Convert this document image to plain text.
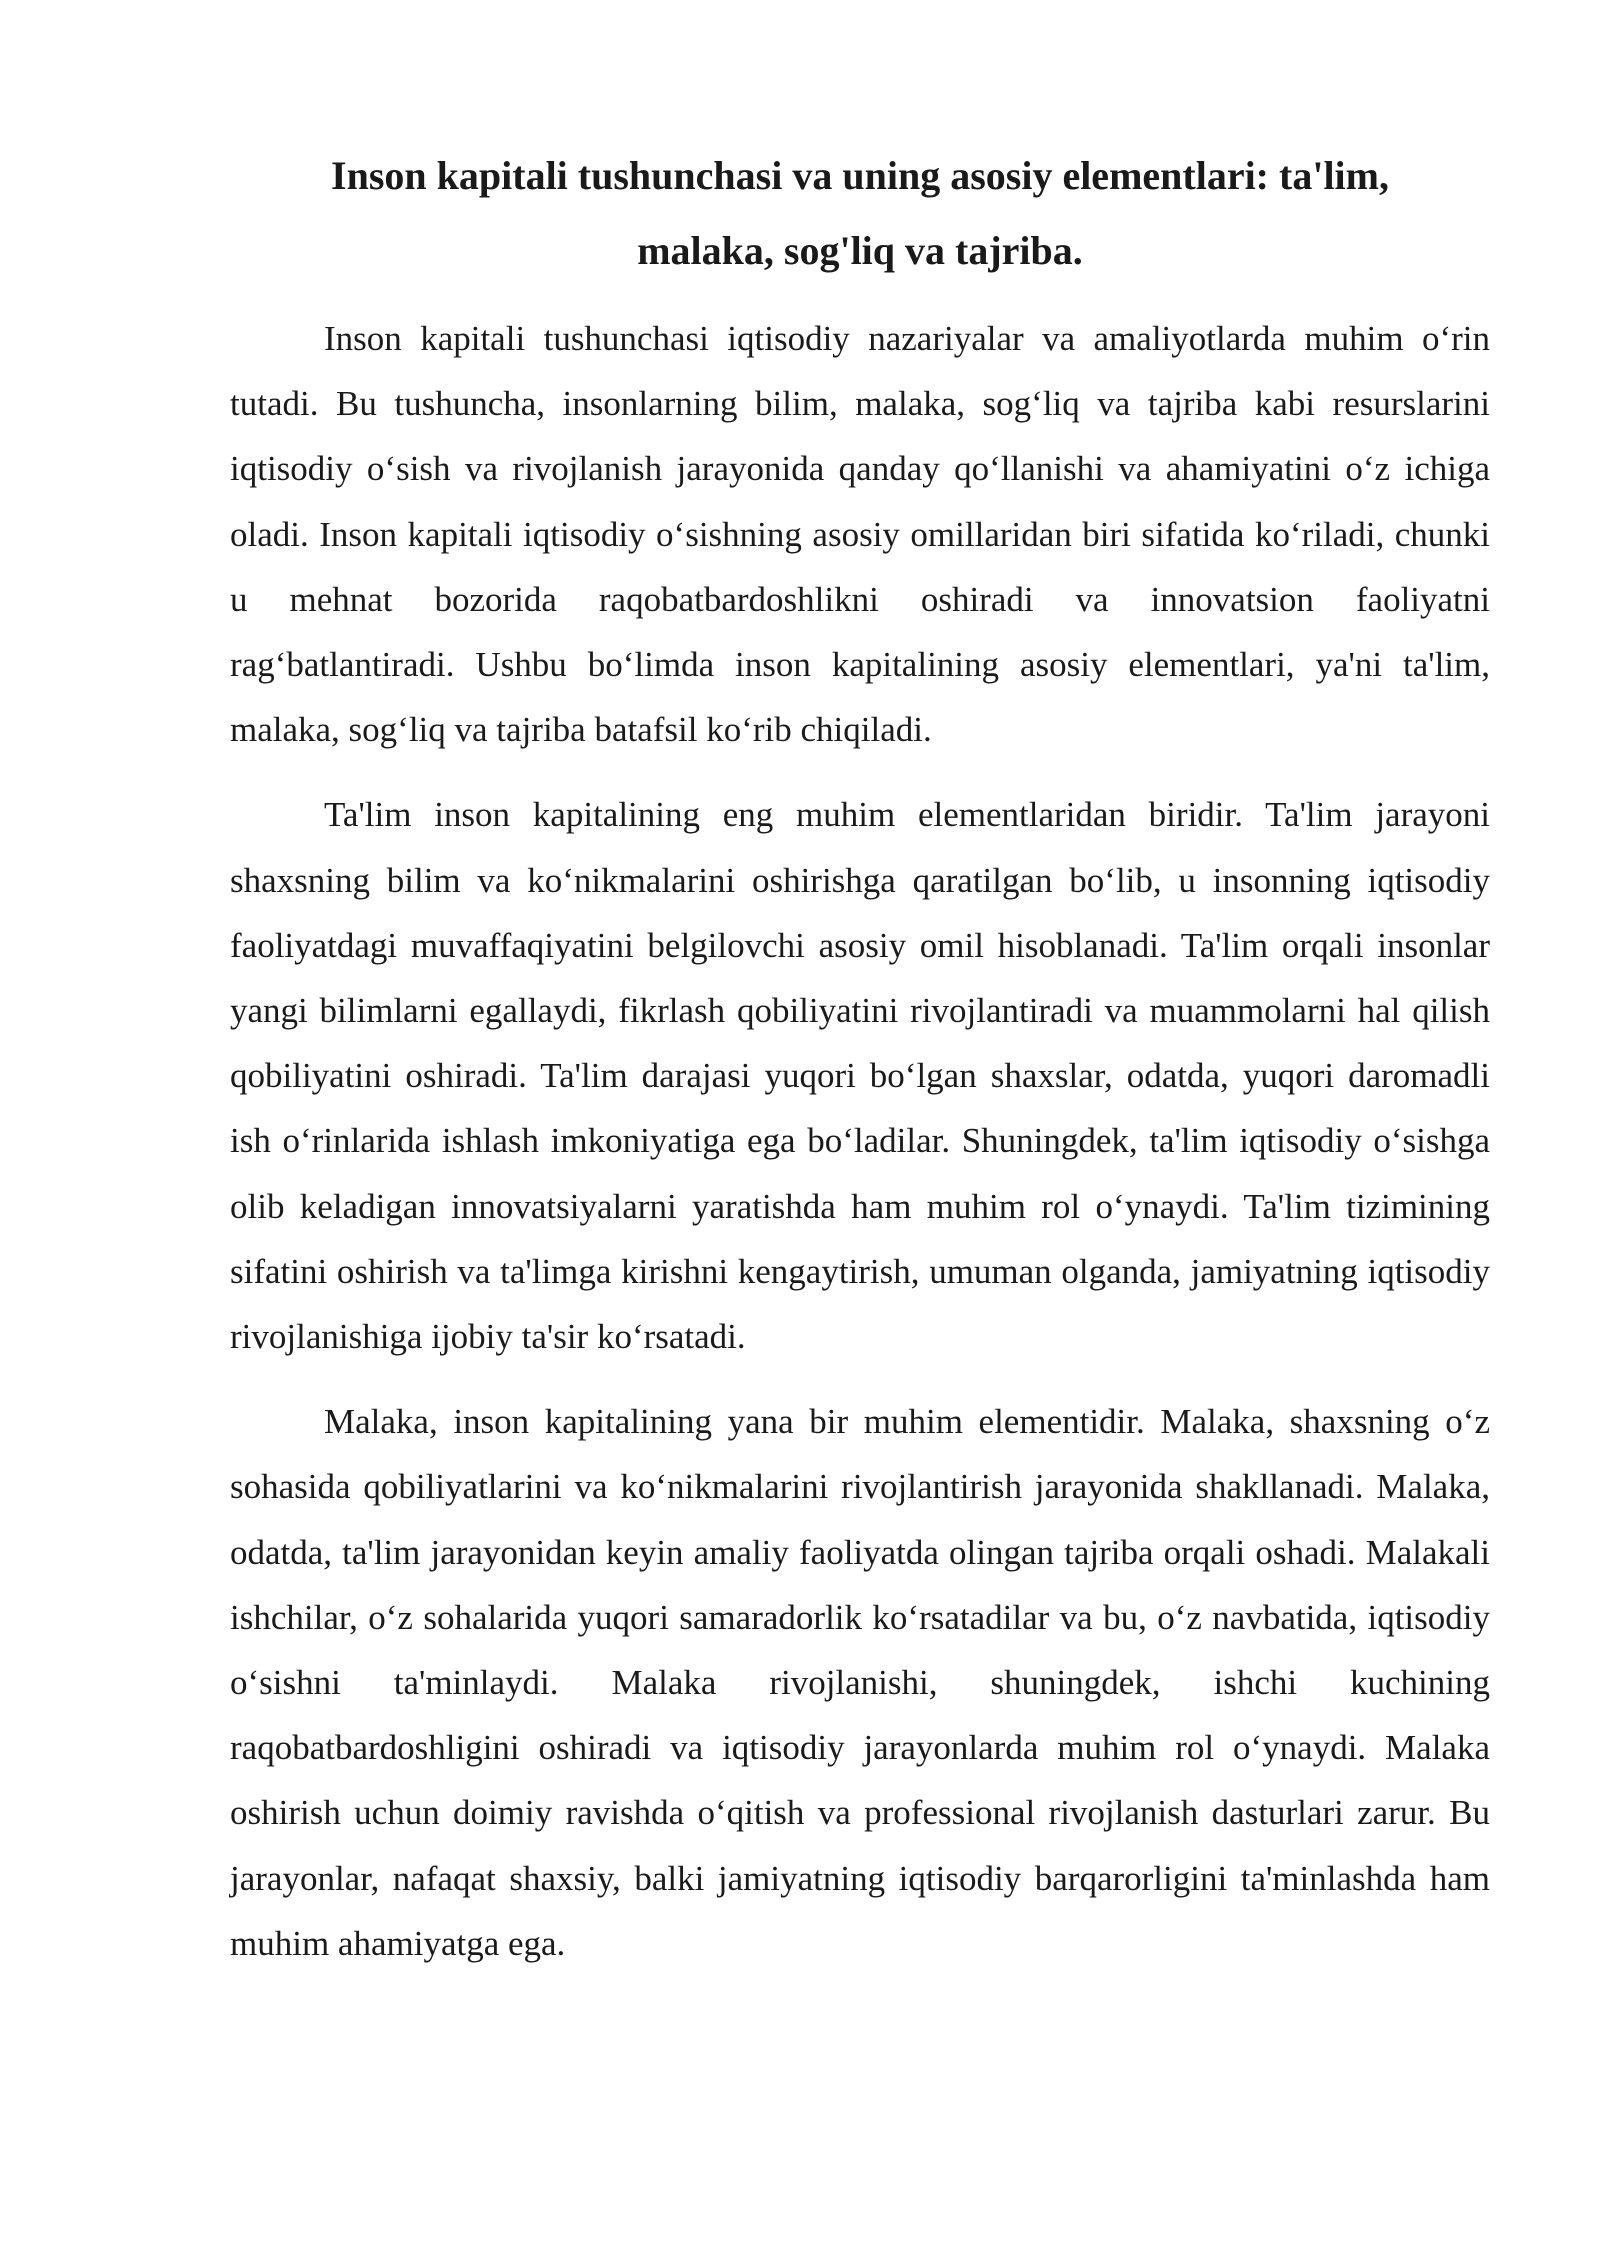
Inson kapitali tushunchasi va uning asosiy elementlari: ta'lim,
malaka, sog'liq va tajriba.

Inson kapitali tushunchasi iqtisodiy nazariyalar va amaliyotlarda muhim oʻrin tutadi. Bu tushuncha, insonlarning bilim, malaka, sogʻliq va tajriba kabi resurslarini iqtisodiy oʻsish va rivojlanish jarayonida qanday qoʻllanishi va ahamiyatini oʻz ichiga oladi. Inson kapitali iqtisodiy oʻsishning asosiy omillaridan biri sifatida koʻriladi, chunki u mehnat bozorida raqobatbardoshlikni oshiradi va innovatsion faoliyatni ragʻbatlantiradi. Ushbu boʻlimda inson kapitalining asosiy elementlari, ya'ni ta'lim, malaka, sogʻliq va tajriba batafsil koʻrib chiqiladi.

Ta'lim inson kapitalining eng muhim elementlaridan biridir. Ta'lim jarayoni shaxsning bilim va koʻnikmalarini oshirishga qaratilgan boʻlib, u insonning iqtisodiy faoliyatdagi muvaffaqiyatini belgilovchi asosiy omil hisoblanadi. Ta'lim orqali insonlar yangi bilimlarni egallaydi, fikrlash qobiliyatini rivojlantiradi va muammolarni hal qilish qobiliyatini oshiradi. Ta'lim darajasi yuqori boʻlgan shaxslar, odatda, yuqori daromadli ish oʻrinlarida ishlash imkoniyatiga ega boʻladilar. Shuningdek, ta'lim iqtisodiy oʻsishga olib keladigan innovatsiyalarni yaratishda ham muhim rol oʻynaydi. Ta'lim tizimining sifatini oshirish va ta'limga kirishni kengaytirish, umuman olganda, jamiyatning iqtisodiy rivojlanishiga ijobiy ta'sir koʻrsatadi.

Malaka, inson kapitalining yana bir muhim elementidir. Malaka, shaxsning oʻz sohasida qobiliyatlarini va koʻnikmalarini rivojlantirish jarayonida shakllanadi. Malaka, odatda, ta'lim jarayonidan keyin amaliy faoliyatda olingan tajriba orqali oshadi. Malakali ishchilar, oʻz sohalarida yuqori samaradorlik koʻrsatadilar va bu, oʻz navbatida, iqtisodiy oʻsishni ta'minlaydi. Malaka rivojlanishi, shuningdek, ishchi kuchining raqobatbardoshligini oshiradi va iqtisodiy jarayonlarda muhim rol oʻynaydi. Malaka oshirish uchun doimiy ravishda oʻqitish va professional rivojlanish dasturlari zarur. Bu jarayonlar, nafaqat shaxsiy, balki jamiyatning iqtisodiy barqarorligini ta'minlashda ham muhim ahamiyatga ega.
